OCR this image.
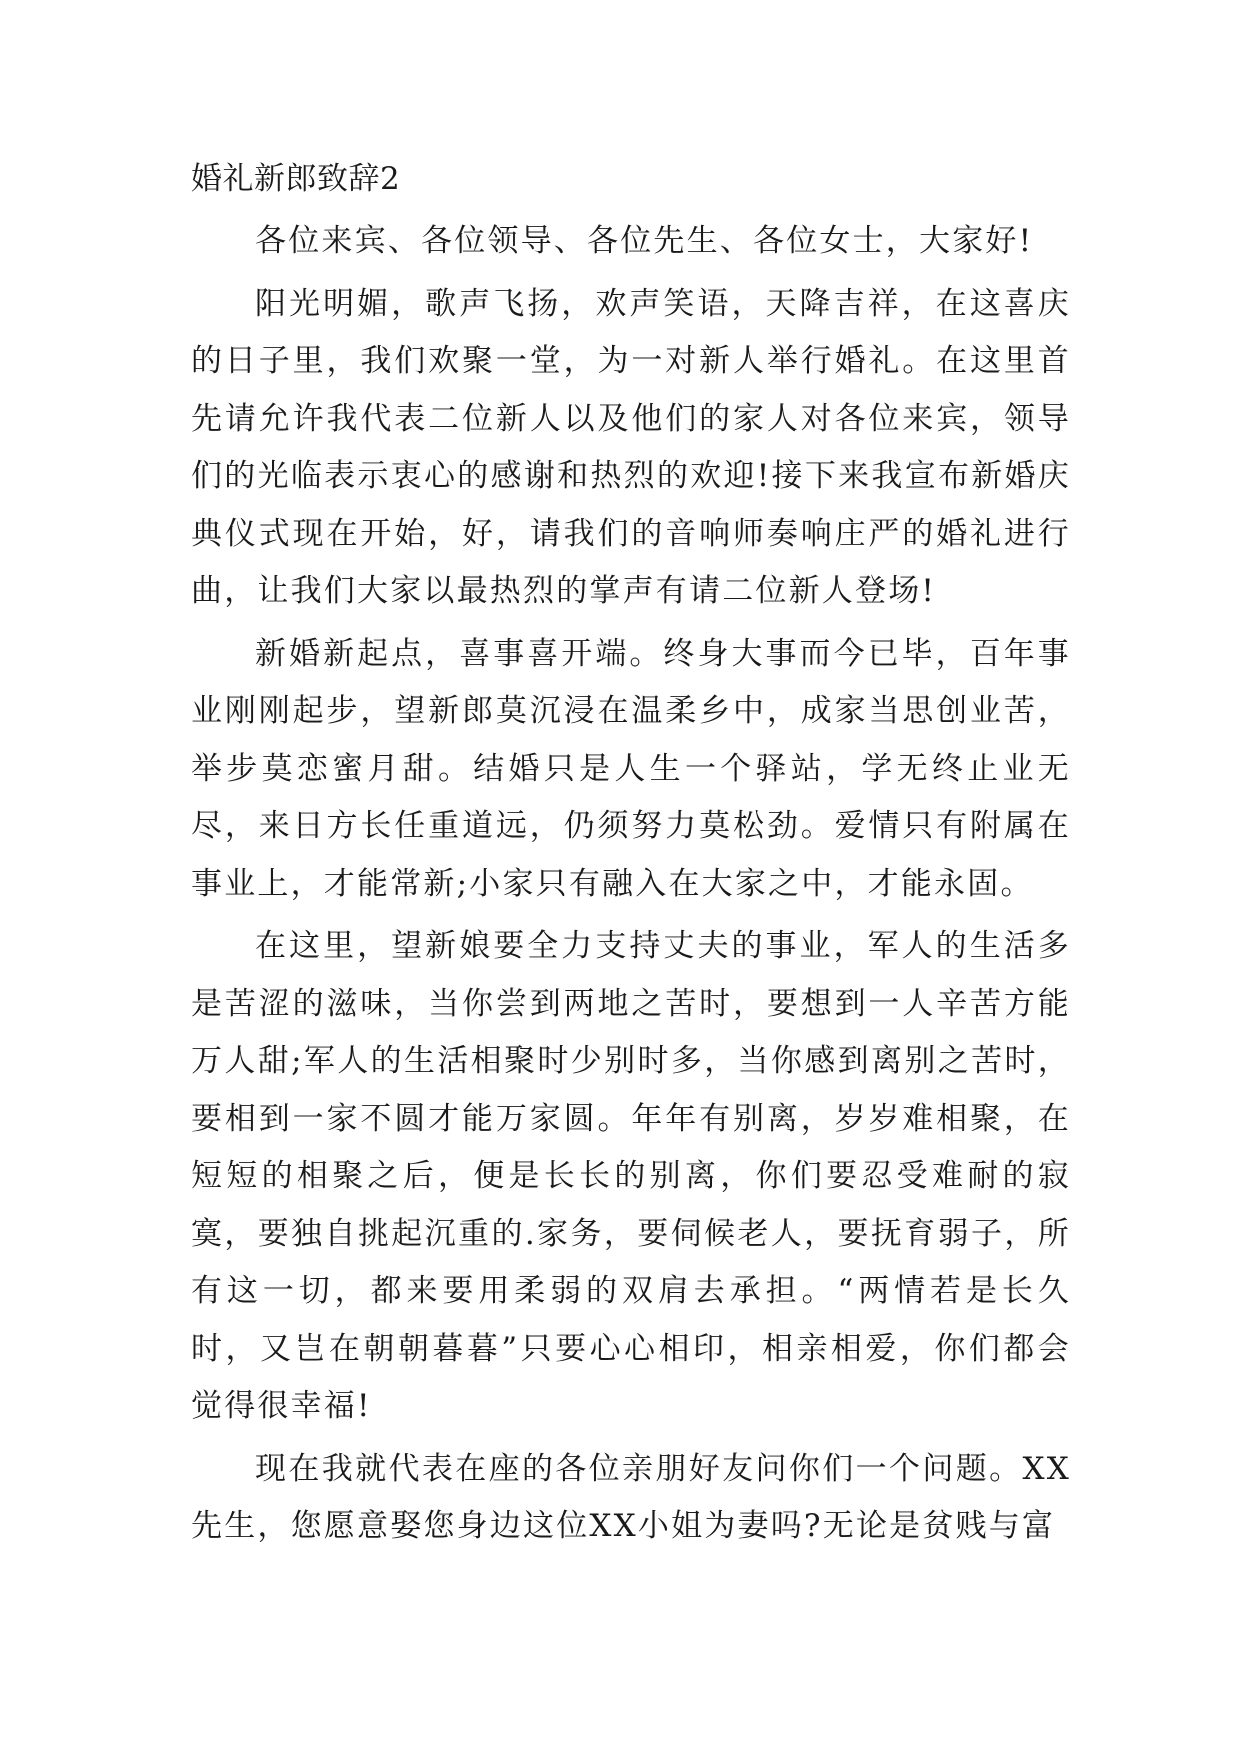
婚礼新郎致辞2

各位来宾、各位领导、各位先生、各位女士，大家好!

阳光明媚，歌声飞扬，欢声笑语，天降吉祥，在这喜庆的日子里，我们欢聚一堂，为一对新人举行婚礼。在这里首先请允许我代表二位新人以及他们的家人对各位来宾，领导们的光临表示衷心的感谢和热烈的欢迎!接下来我宣布新婚庆典仪式现在开始，好，请我们的音响师奏响庄严的婚礼进行曲，让我们大家以最热烈的掌声有请二位新人登场!

新婚新起点，喜事喜开端。终身大事而今已毕，百年事业刚刚起步，望新郎莫沉浸在温柔乡中，成家当思创业苦，举步莫恋蜜月甜。结婚只是人生一个驿站，学无终止业无尽，来日方长任重道远，仍须努力莫松劲。爱情只有附属在事业上，才能常新;小家只有融入在大家之中，才能永固。

在这里，望新娘要全力支持丈夫的事业，军人的生活多是苦涩的滋味，当你尝到两地之苦时，要想到一人辛苦方能万人甜;军人的生活相聚时少别时多，当你感到离别之苦时，要相到一家不圆才能万家圆。年年有别离，岁岁难相聚，在短短的相聚之后，便是长长的别离，你们要忍受难耐的寂寞，要独自挑起沉重的.家务，要伺候老人，要抚育弱子，所有这一切，都来要用柔弱的双肩去承担。“两情若是长久时，又岂在朝朝暮暮”只要心心相印，相亲相爱，你们都会觉得很幸福!

现在我就代表在座的各位亲朋好友问你们一个问题。XX先生，您愿意娶您身边这位XX小姐为妻吗?无论是贫贱与富
